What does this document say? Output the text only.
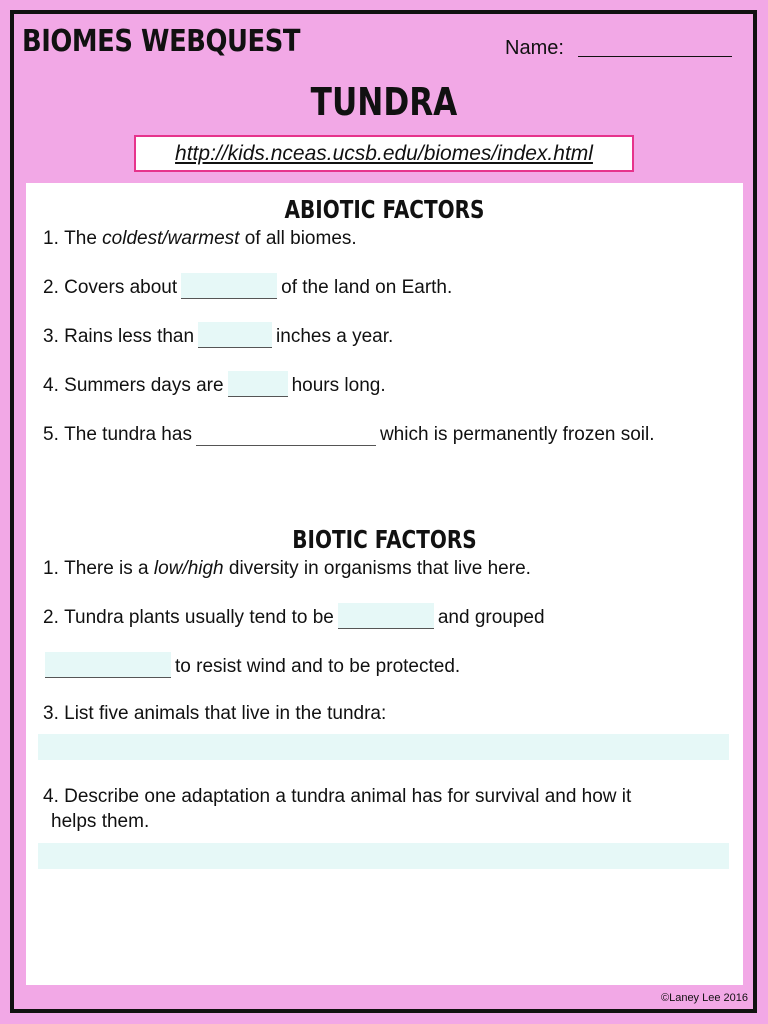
BIOMES WEBQUEST	Name:
TUNDRA
http://kids.nceas.ucsb.edu/biomes/index.html
ABIOTIC FACTORS
1.
The
coldest/warmest
of all biomes.
2.
Covers about	of the land on Earth.
3.
Rains less than	inches a year.
4.
Summers days are	hours long.
5.
The tundra has	which is permanently frozen soil.
BIOTIC FACTORS
1.
There is a
low/high
diversity in organisms that live here.
2.
Tundra plants usually tend to be	and grouped
to resist wind and to be protected.
3.
List five animals that live in the tundra:
4.
Describe one adaptation a tundra animal has for survival and how it
helps them.
©Laney Lee 2016
